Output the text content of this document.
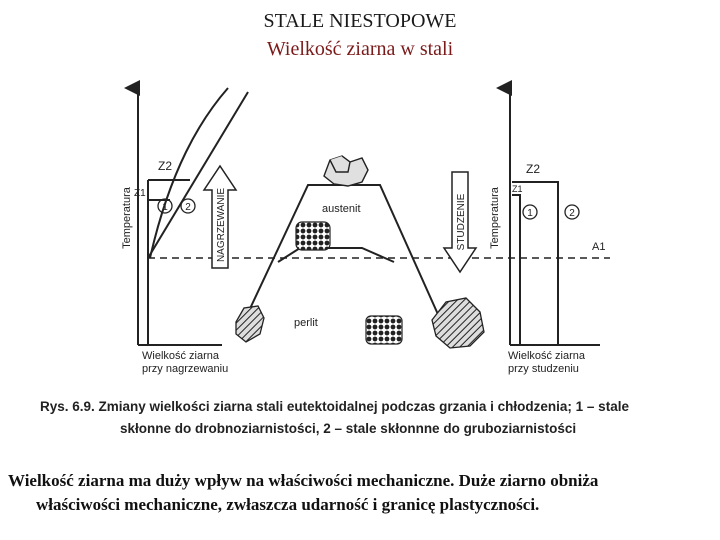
STALE NIESTOPOWE
Wielkość ziarna w stali
Temperatura
Z2
Z1
1 2
A1
NAGRZEWANIE	STUDZENIE
austenit
perlit
Temperatura
Z2
Z1
1	2
Wielkość ziarna
przy nagrzewaniu
Wielkość ziarna
przy studzeniu
Rys. 6.9. Zmiany wielkości ziarna stali eutektoidalnej podczas grzania i chłodzenia; 1 – stale
skłonne do drobnoziarnistości, 2 – stale skłonnne do gruboziarnistości
Wielkość ziarna ma duży wpływ na właściwości mechaniczne. Duże ziarno obniża
właściwości mechaniczne, zwłaszcza udarność i granicę plastyczności.
